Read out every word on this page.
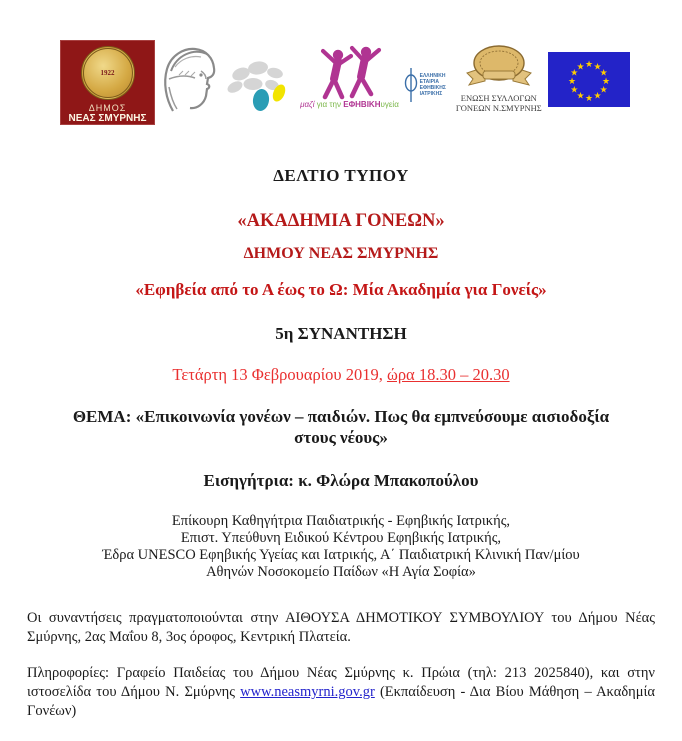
1922
ΔΗΜΟΣ
ΝΕΑΣ ΣΜΥΡΝΗΣ
μαζί για την ΕΦΗΒΙΚΗυγεία
ΕΛΛΗΝΙΚΗ
ΕΤΑΙΡΙΑ
ΕΦΗΒΙΚΗΣ
ΙΑΤΡΙΚΗΣ	ΕΝΩΣΗ ΣΥΛΛΟΓΩΝ
ΓΟΝΕΩΝ Ν.ΣΜΥΡΝΗΣ
★
★
★
★
★
★
★
★
★ ★ ★
★
ΔΕΛΤΙΟ ΤΥΠΟΥ
«ΑΚΑΔΗΜΙΑ ΓΟΝΕΩΝ»
ΔΗΜΟΥ ΝΕΑΣ ΣΜΥΡΝΗΣ
«Εφηβεία από το Α έως το Ω: Μία Ακαδημία για Γονείς»
5η ΣΥΝΑΝΤΗΣΗ
Τετάρτη 13 Φεβρουαρίου 2019, ώρα 18.30 – 20.30
ΘΕΜΑ: «Επικοινωνία γονέων – παιδιών. Πως θα εμπνεύσουμε αισιοδοξία στους νέους»
Εισηγήτρια: κ. Φλώρα Μπακοπούλου
Επίκουρη Καθηγήτρια Παιδιατρικής - Εφηβικής Ιατρικής,
Επιστ. Υπεύθυνη Ειδικού Κέντρου Εφηβικής Ιατρικής,
Έδρα UNESCO Εφηβικής Υγείας και Ιατρικής, Α΄ Παιδιατρική Κλινική Παν/μίου
Αθηνών Νοσοκομείο Παίδων «Η Αγία Σοφία»
Οι συναντήσεις πραγματοποιούνται στην ΑΙΘΟΥΣΑ ΔΗΜΟΤΙΚΟΥ ΣΥΜΒΟΥΛΙΟΥ του Δήμου Νέας Σμύρνης, 2ας Μαΐου 8, 3ος όροφος, Κεντρική Πλατεία.
Πληροφορίες: Γραφείο Παιδείας του Δήμου Νέας Σμύρνης κ. Πρώια (τηλ: 213 2025840), και στην ιστοσελίδα του Δήμου Ν. Σμύρνης www.neasmyrni.gov.gr (Εκπαίδευση - Δια Βίου Μάθηση – Ακαδημία Γονέων)
